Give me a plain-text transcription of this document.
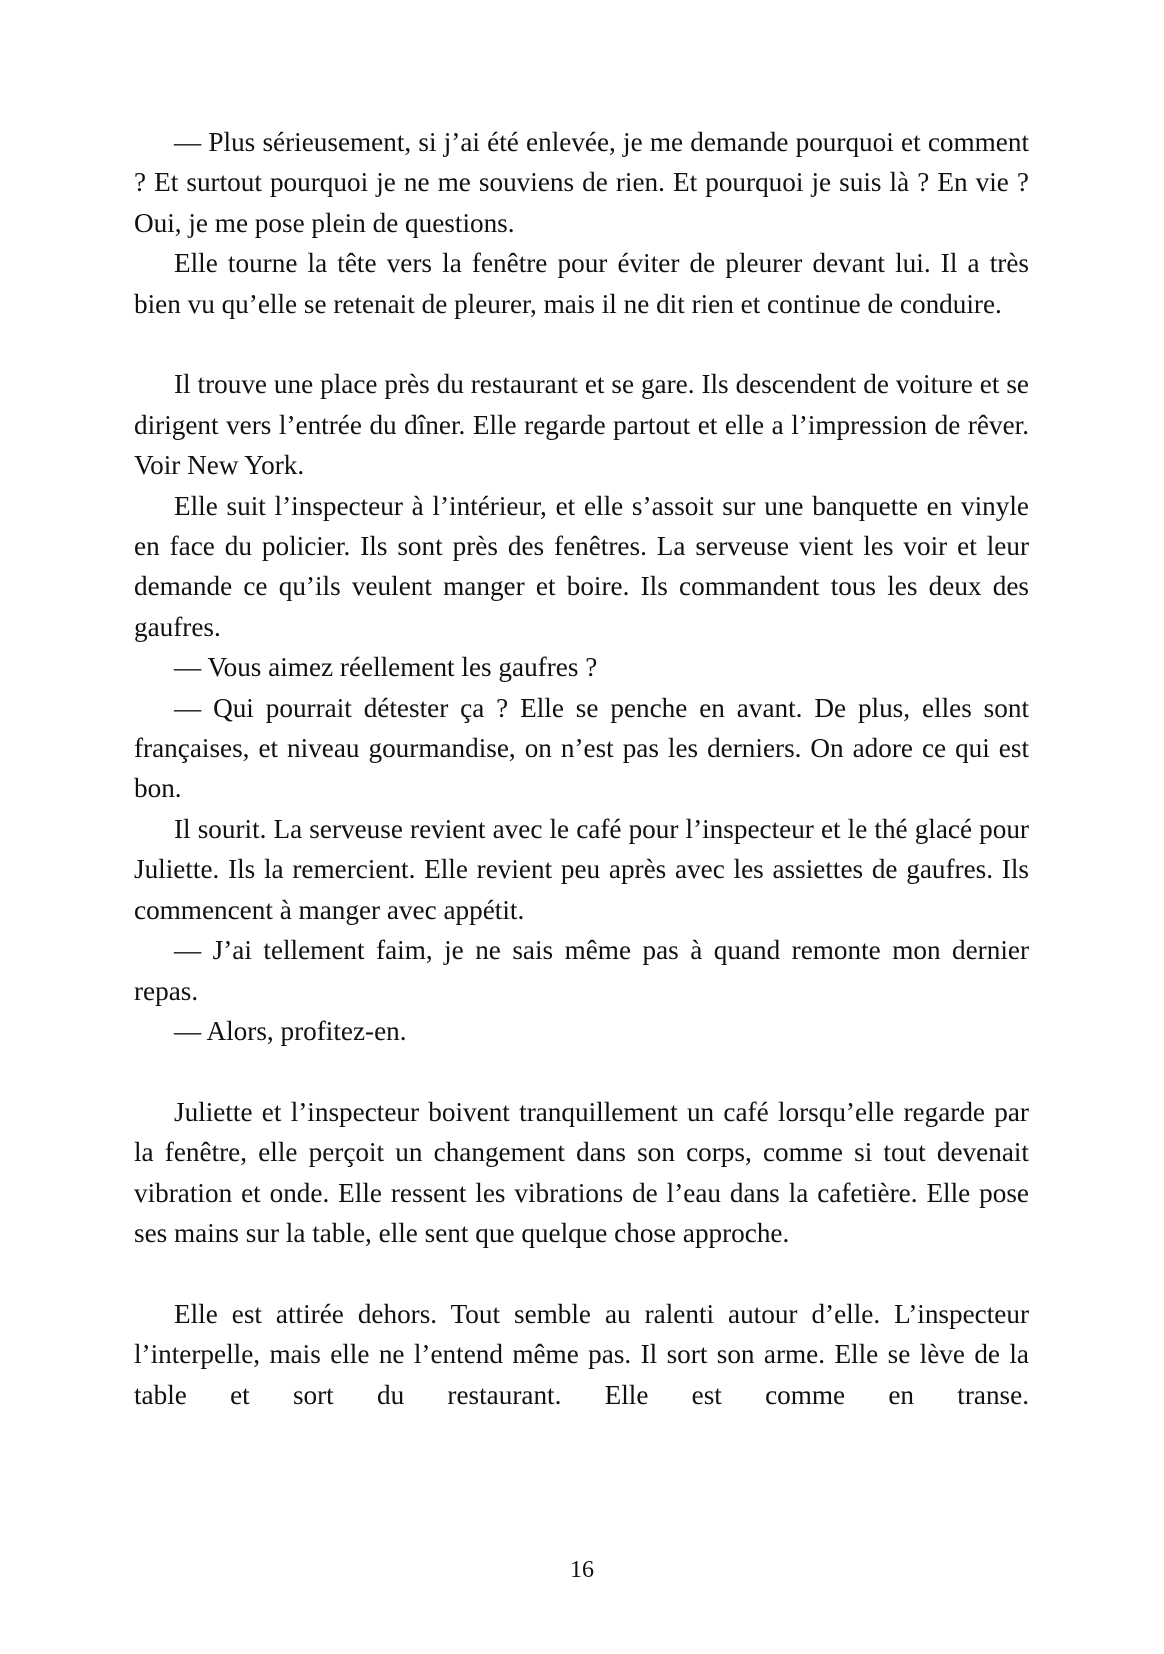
— Plus sérieusement, si j’ai été enlevée, je me demande pourquoi et comment ? Et surtout pourquoi je ne me souviens de rien. Et pourquoi je suis là ? En vie ? Oui, je me pose plein de questions.

Elle tourne la tête vers la fenêtre pour éviter de pleurer devant lui. Il a très bien vu qu’elle se retenait de pleurer, mais il ne dit rien et continue de conduire.

Il trouve une place près du restaurant et se gare. Ils descendent de voiture et se dirigent vers l’entrée du dîner. Elle regarde partout et elle a l’impression de rêver. Voir New York.

Elle suit l’inspecteur à l’intérieur, et elle s’assoit sur une banquette en vinyle en face du policier. Ils sont près des fenêtres. La serveuse vient les voir et leur demande ce qu’ils veulent manger et boire. Ils commandent tous les deux des gaufres.

— Vous aimez réellement les gaufres ?

— Qui pourrait détester ça ? Elle se penche en avant. De plus, elles sont françaises, et niveau gourmandise, on n’est pas les derniers. On adore ce qui est bon.

Il sourit. La serveuse revient avec le café pour l’inspecteur et le thé glacé pour Juliette. Ils la remercient. Elle revient peu après avec les assiettes de gaufres. Ils commencent à manger avec appétit.

— J’ai tellement faim, je ne sais même pas à quand remonte mon dernier repas.

— Alors, profitez-en.

Juliette et l’inspecteur boivent tranquillement un café lorsqu’elle regarde par la fenêtre, elle perçoit un changement dans son corps, comme si tout devenait vibration et onde. Elle ressent les vibrations de l’eau dans la cafetière. Elle pose ses mains sur la table, elle sent que quelque chose approche.

Elle est attirée dehors. Tout semble au ralenti autour d’elle. L’inspecteur l’interpelle, mais elle ne l’entend même pas. Il sort son arme. Elle se lève de la table et sort du restaurant. Elle est comme en transe.

16
